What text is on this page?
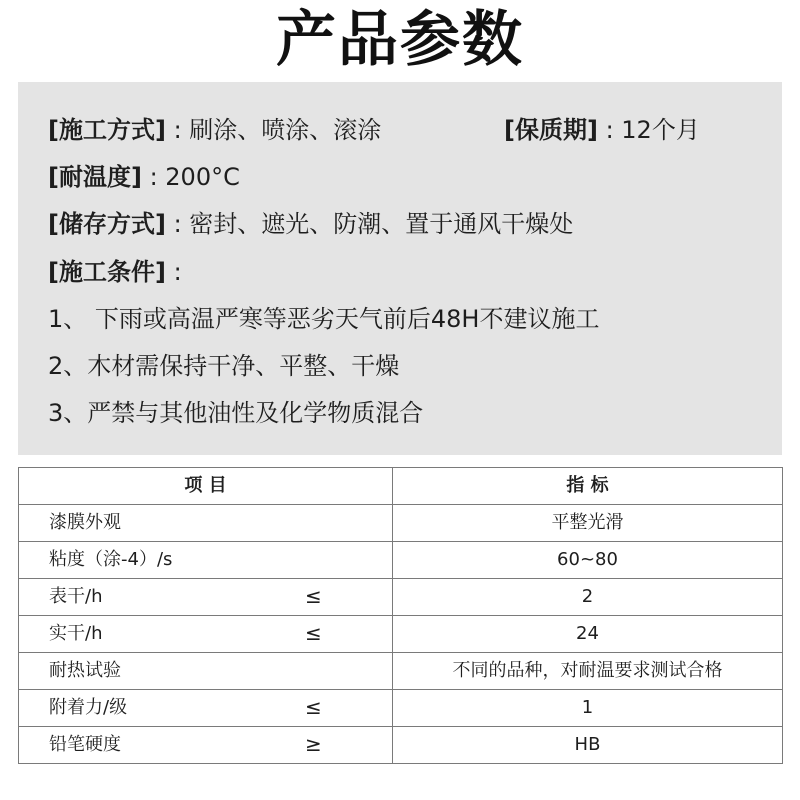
产品参数
[施工方式] : 刷涂、喷涂、滚涂	[保质期] : 12个月
[耐温度] : 200°C
[储存方式] : 密封、遮光、防潮、置于通风干燥处
[施工条件] :
1、 下雨或高温严寒等恶劣天气前后48H不建议施工
2、木材需保持干净、平整、干燥
3、严禁与其他油性及化学物质混合
项 目	指 标
漆膜外观	平整光滑
粘度（涂-4）/s	60~80
表干/h ≤	2
实干/h ≤	24
耐热试验	不同的品种，对耐温要求测试合格
附着力/级 ≤	1
铅笔硬度 ≥	HB
